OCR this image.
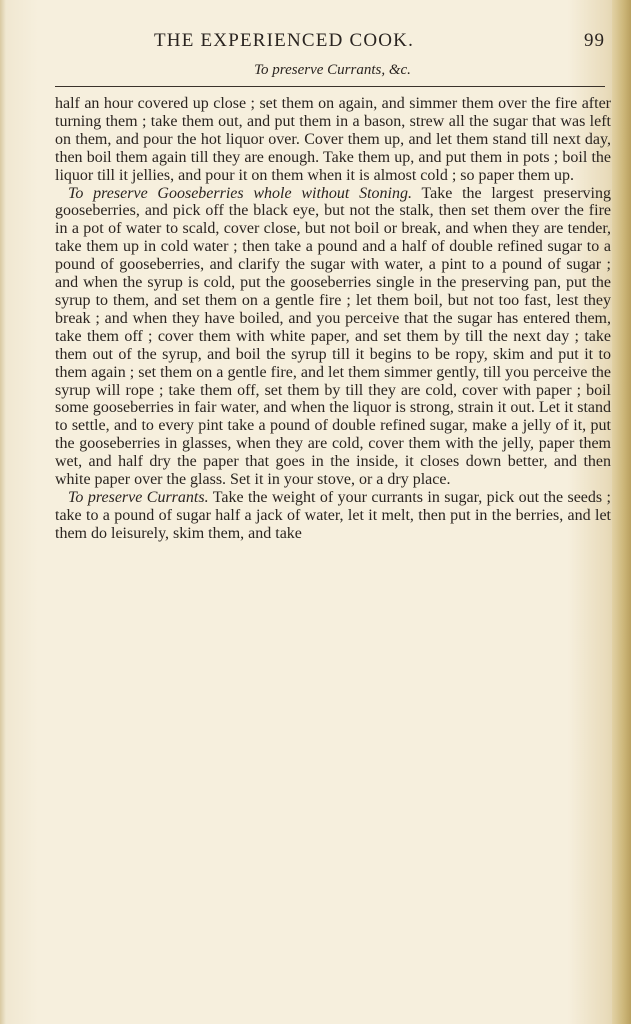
THE EXPERIENCED COOK.	99
To preserve Currants, &c.

half an hour covered up close ; set them on again, and simmer them over the fire after turning them ; take them out, and put them in a bason, strew all the sugar that was left on them, and pour the hot liquor over. Cover them up, and let them stand till next day, then boil them again till they are enough. Take them up, and put them in pots ; boil the liquor till it jellies, and pour it on them when it is almost cold ; so paper them up.

To preserve Gooseberries whole without Stoning. Take the largest preserving gooseberries, and pick off the black eye, but not the stalk, then set them over the fire in a pot of water to scald, cover close, but not boil or break, and when they are tender, take them up in cold water ; then take a pound and a half of double refined sugar to a pound of gooseberries, and clarify the sugar with water, a pint to a pound of sugar ; and when the syrup is cold, put the gooseberries single in the preserving pan, put the syrup to them, and set them on a gentle fire ; let them boil, but not too fast, lest they break ; and when they have boiled, and you perceive that the sugar has entered them, take them off ; cover them with white paper, and set them by till the next day ; take them out of the syrup, and boil the syrup till it begins to be ropy, skim and put it to them again ; set them on a gentle fire, and let them simmer gently, till you perceive the syrup will rope ; take them off, set them by till they are cold, cover with paper ; boil some gooseberries in fair water, and when the liquor is strong, strain it out. Let it stand to settle, and to every pint take a pound of double refined sugar, make a jelly of it, put the gooseberries in glasses, when they are cold, cover them with the jelly, paper them wet, and half dry the paper that goes in the inside, it closes down better, and then white paper over the glass. Set it in your stove, or a dry place.

To preserve Currants. Take the weight of your currants in sugar, pick out the seeds ; take to a pound of sugar half a jack of water, let it melt, then put in the berries, and let them do leisurely, skim them, and take
